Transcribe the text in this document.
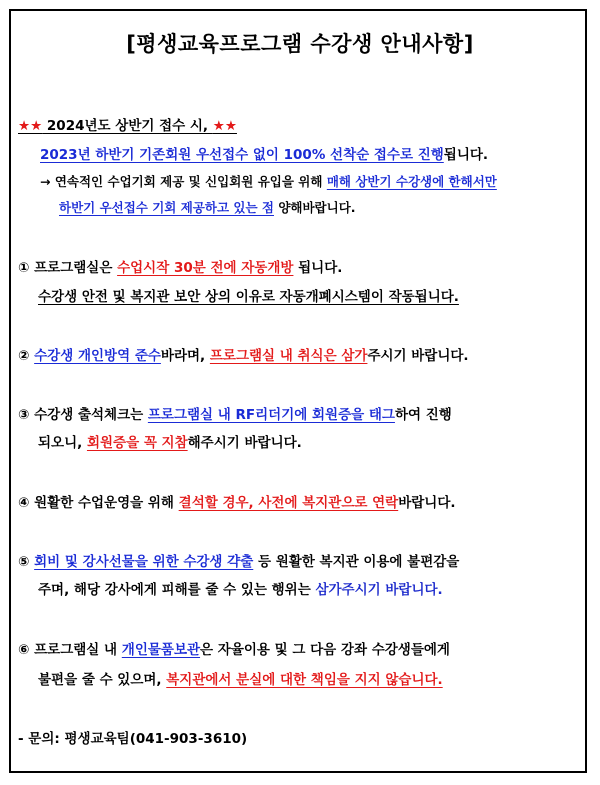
[평생교육프로그램 수강생 안내사항]
★★ 2024년도 상반기 접수 시, ★★
2023년 하반기 기존회원 우선접수 없이 100% 선착순 접수로 진행됩니다.
→ 연속적인 수업기회 제공 및 신입회원 유입을 위해 매해 상반기 수강생에 한해서만
하반기 우선접수 기회 제공하고 있는 점 양해바랍니다.
① 프로그램실은 수업시작 30분 전에 자동개방 됩니다.
수강생 안전 및 복지관 보안 상의 이유로 자동개폐시스템이 작동됩니다.
② 수강생 개인방역 준수바라며, 프로그램실 내 취식은 삼가주시기 바랍니다.
③ 수강생 출석체크는 프로그램실 내 RF리더기에 회원증을 태그하여 진행
되오니, 회원증을 꼭 지참해주시기 바랍니다.
④ 원활한 수업운영을 위해 결석할 경우, 사전에 복지관으로 연락바랍니다.
⑤ 회비 및 강사선물을 위한 수강생 갹출 등 원활한 복지관 이용에 불편감을
주며, 해당 강사에게 피해를 줄 수 있는 행위는 삼가주시기 바랍니다.
⑥ 프로그램실 내 개인물품보관은 자율이용 및 그 다음 강좌 수강생들에게
불편을 줄 수 있으며, 복지관에서 분실에 대한 책임을 지지 않습니다.
- 문의: 평생교육팀(041-903-3610)
